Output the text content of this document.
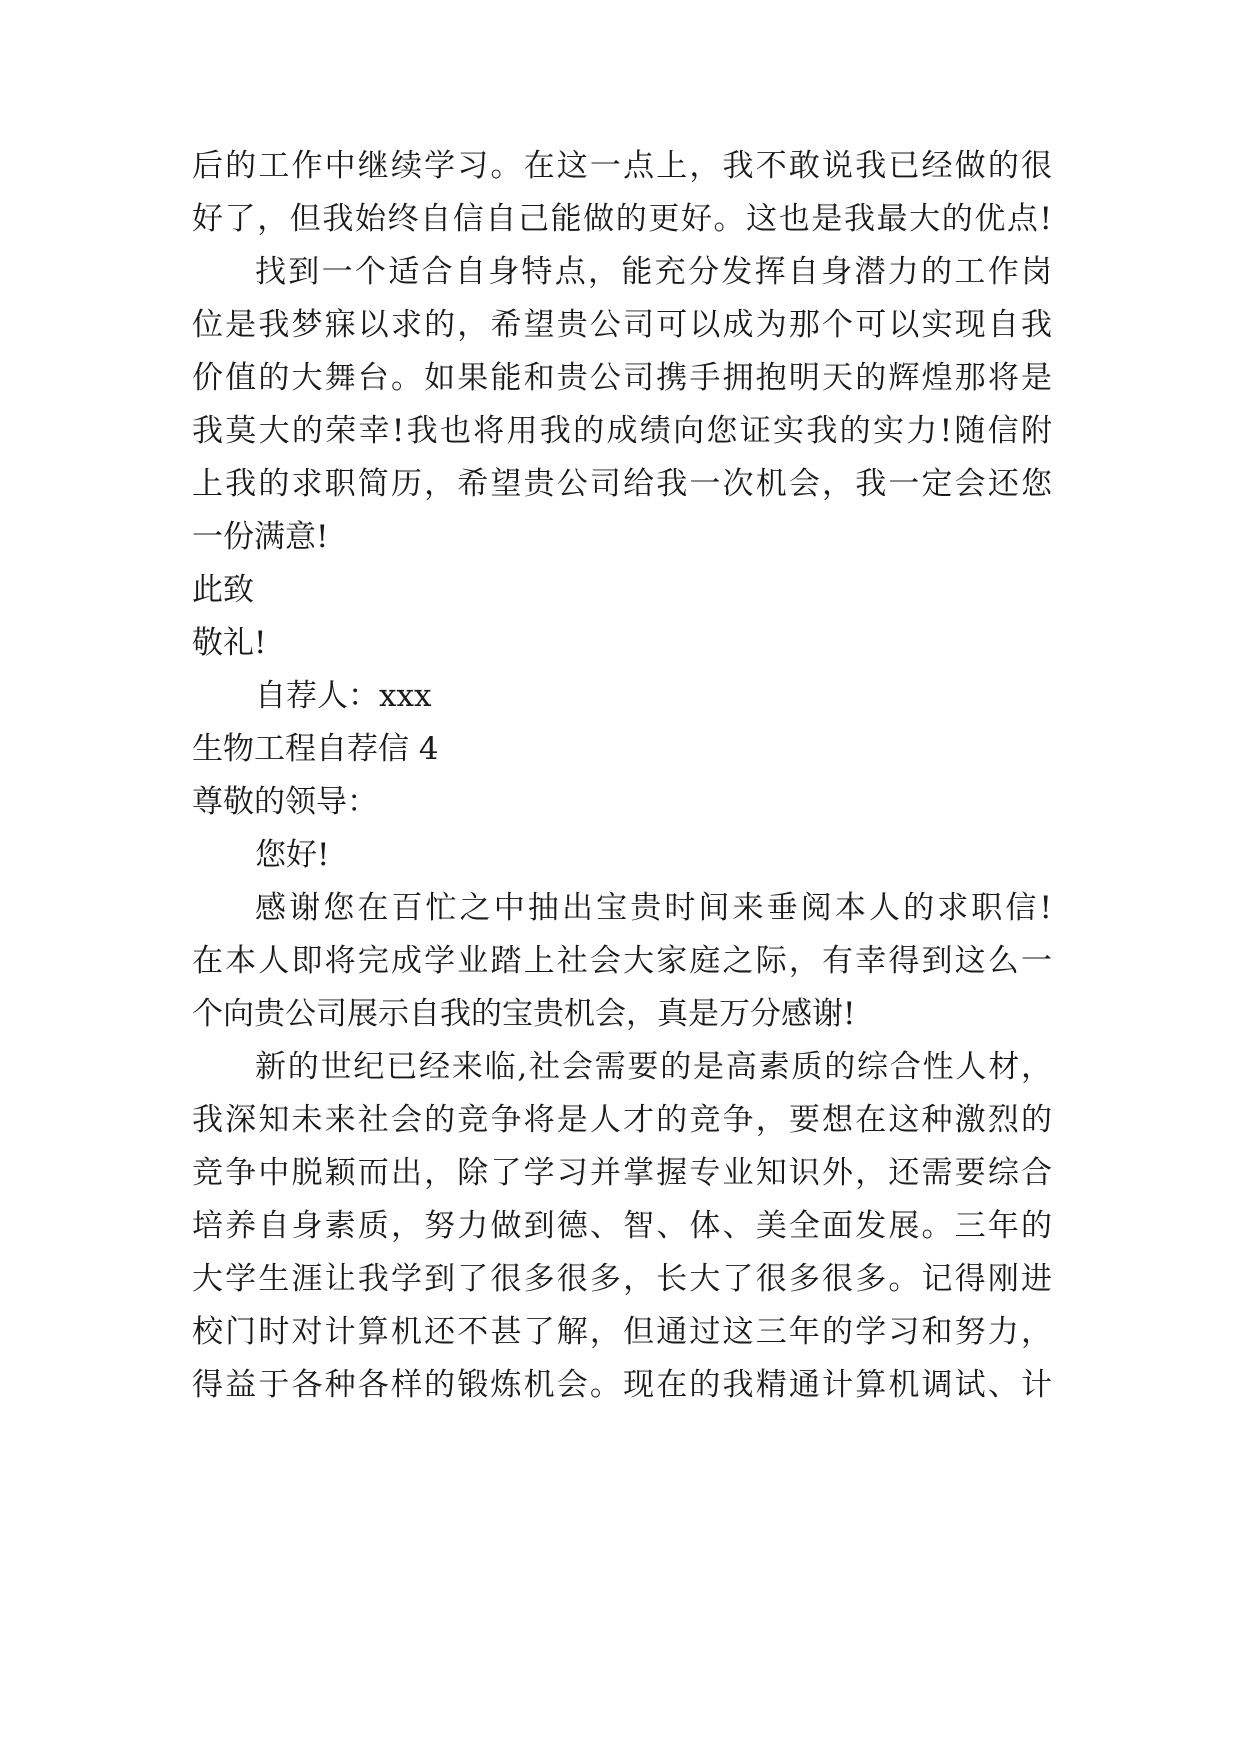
后的工作中继续学习。在这一点上，我不敢说我已经做的很
好了，但我始终自信自己能做的更好。这也是我最大的优点!
找到一个适合自身特点，能充分发挥自身潜力的工作岗
位是我梦寐以求的，希望贵公司可以成为那个可以实现自我
价值的大舞台。如果能和贵公司携手拥抱明天的辉煌那将是
我莫大的荣幸!我也将用我的成绩向您证实我的实力!随信附
上我的求职简历，希望贵公司给我一次机会，我一定会还您
一份满意!
此致
敬礼!
自荐人：xxx
生物工程自荐信 4
尊敬的领导：
您好!
感谢您在百忙之中抽出宝贵时间来垂阅本人的求职信!
在本人即将完成学业踏上社会大家庭之际，有幸得到这么一
个向贵公司展示自我的宝贵机会，真是万分感谢!
新的世纪已经来临,社会需要的是高素质的综合性人材，
我深知未来社会的竞争将是人才的竞争，要想在这种激烈的
竞争中脱颖而出，除了学习并掌握专业知识外，还需要综合
培养自身素质，努力做到德、智、体、美全面发展。三年的
大学生涯让我学到了很多很多，长大了很多很多。记得刚进
校门时对计算机还不甚了解，但通过这三年的学习和努力，
得益于各种各样的锻炼机会。现在的我精通计算机调试、计
